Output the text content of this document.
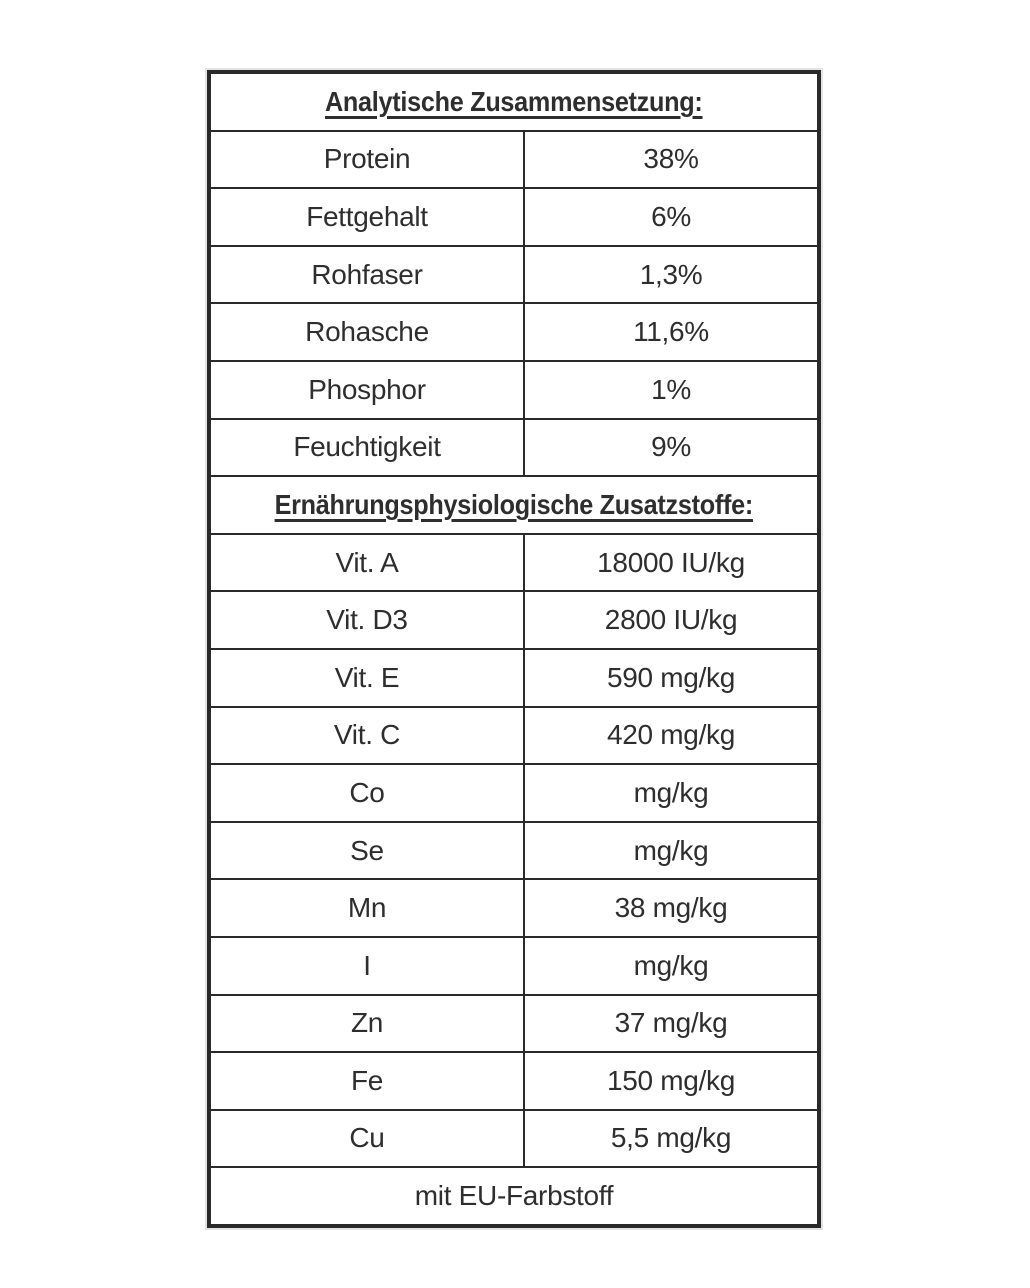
Analytische Zusammensetzung:	
Protein	38%
Fettgehalt	6%
Rohfaser	1,3%
Rohasche	11,6%
Phosphor	1%
Feuchtigkeit	9%
Ernährungsphysiologische Zusatzstoffe:	
Vit. A	18000 IU/kg
Vit. D3	2800 IU/kg
Vit. E	590 mg/kg
Vit. C	420 mg/kg
Co	mg/kg
Se	mg/kg
Mn	38 mg/kg
I	mg/kg
Zn	37 mg/kg
Fe	150 mg/kg
Cu	5,5 mg/kg
mit EU-Farbstoff	
